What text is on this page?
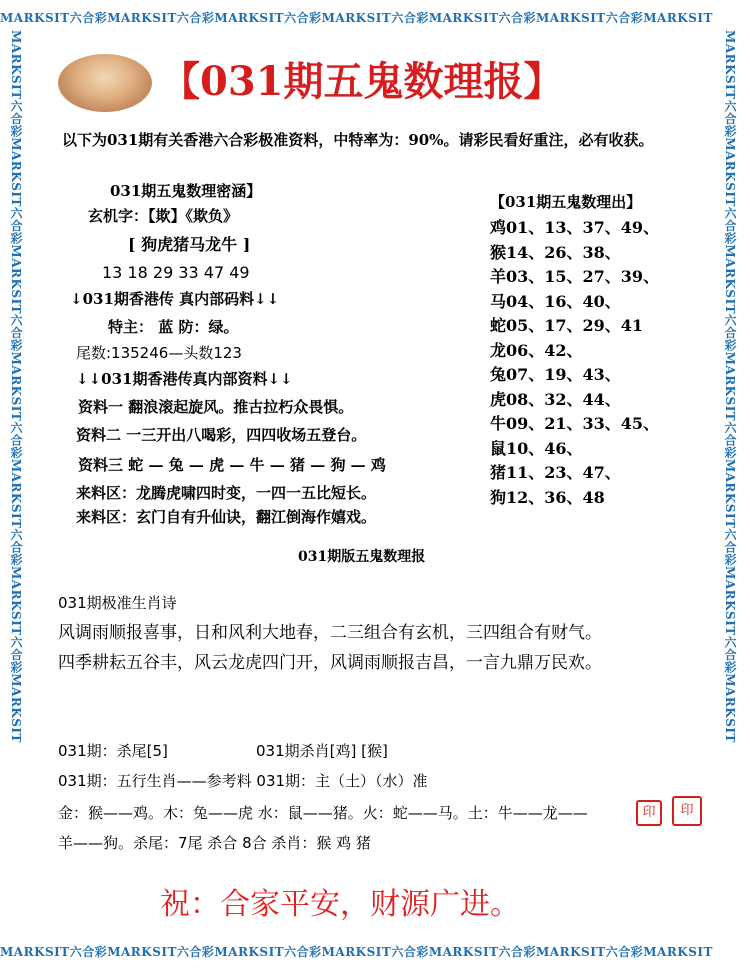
MARKSIT六合彩MARKSIT六合彩MARKSIT六合彩MARKSIT六合彩MARKSIT六合彩MARKSIT六合彩MARKSIT
MARKSIT六合彩MARKSIT六合彩MARKSIT六合彩MARKSIT六合彩MARKSIT六合彩MARKSIT六合彩MARKSIT
MARKSIT六合彩MARKSIT六合彩MARKSIT六合彩MARKSIT六合彩MARKSIT六合彩MARKSIT六合彩MARKSIT	MARKSIT六合彩MARKSIT六合彩MARKSIT六合彩MARKSIT六合彩MARKSIT六合彩MARKSIT六合彩MARKSIT
【031期五鬼数理报】
以下为031期有关香港六合彩极准资料，中特率为：90%。请彩民看好重注，必有收获。
031期五鬼数理密涵】
玄机字：【欺】《欺负》
[ 狗虎猪马龙牛 ]
13 18 29 33 47 49
↓031期香港传 真内部码料↓↓
特主： 蓝 防：绿。
尾数:135246—头数123
↓↓031期香港传真内部资料↓↓
资料一 翻浪滚起旋风。推古拉朽众畏惧。
资料二 一三开出八喝彩，四四收场五登台。
资料三 蛇 — 兔 — 虎 — 牛 — 猪 — 狗 — 鸡
来料区：龙腾虎啸四时变，一四一五比短长。
来料区：玄门自有升仙诀，翻江倒海作嬉戏。
【031期五鬼数理出】
鸡01、13、37、49、
猴14、26、38、
羊03、15、27、39、
马04、16、40、
蛇05、17、29、41
龙06、42、
兔07、19、43、
虎08、32、44、
牛09、21、33、45、
鼠10、46、
猪11、23、47、
狗12、36、48
031期版五鬼数理报
031期极准生肖诗
风调雨顺报喜事，日和风利大地春，二三组合有玄机，三四组合有财气。
四季耕耘五谷丰，风云龙虎四门开，风调雨顺报吉昌，一言九鼎万民欢。
031期：杀尾[5]	031期杀肖[鸡] [猴]
031期：五行生肖——参考料 031期：主（土）（水）准
金：猴——鸡。木：兔——虎 水：鼠——猪。火：蛇——马。土：牛——龙——
羊——狗。杀尾：7尾 杀合 8合 杀肖：猴 鸡 猪
印	印
祝：合家平安，财源广进。
